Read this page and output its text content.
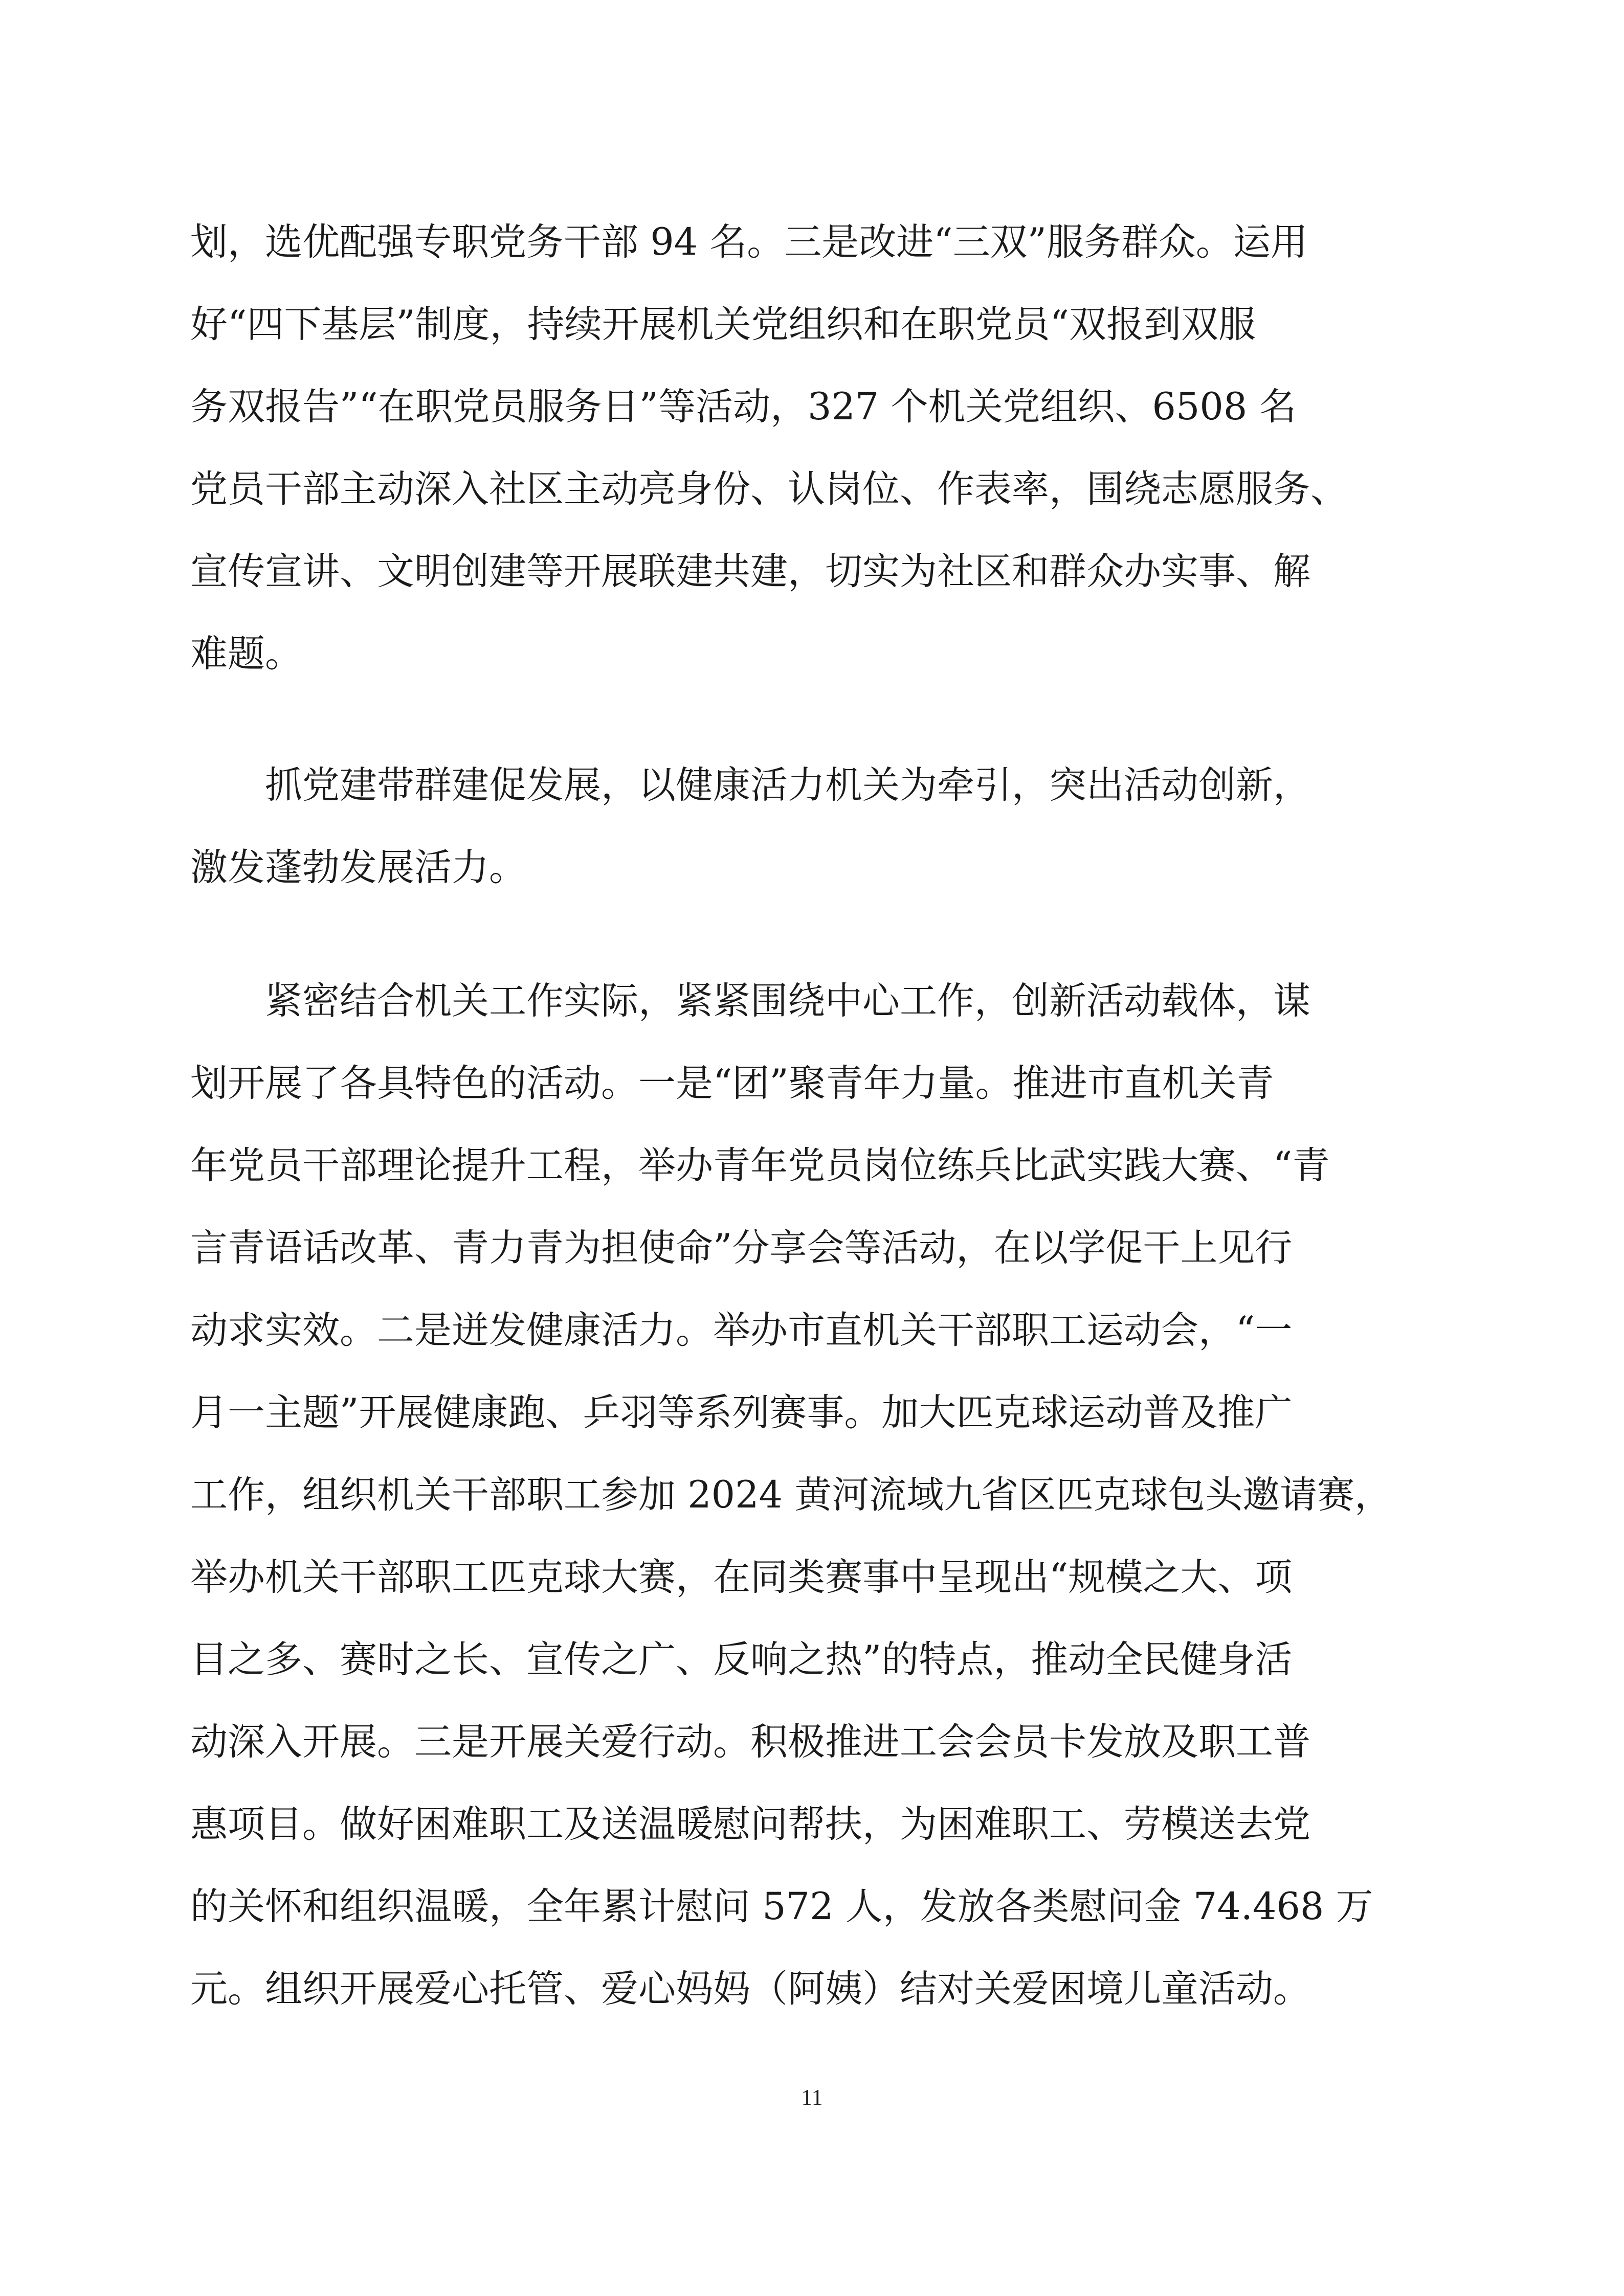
划，选优配强专职党务干部 94 名。三是改进“三双”服务群众。运用
好“四下基层”制度，持续开展机关党组织和在职党员“双报到双服
务双报告”“在职党员服务日”等活动，327 个机关党组织、6508 名
党员干部主动深入社区主动亮身份、认岗位、作表率，围绕志愿服务、
宣传宣讲、文明创建等开展联建共建，切实为社区和群众办实事、解
难题。
　　抓党建带群建促发展，以健康活力机关为牵引，突出活动创新，
激发蓬勃发展活力。
　　紧密结合机关工作实际，紧紧围绕中心工作，创新活动载体，谋
划开展了各具特色的活动。一是“团”聚青年力量。推进市直机关青
年党员干部理论提升工程，举办青年党员岗位练兵比武实践大赛、“青
言青语话改革、青力青为担使命”分享会等活动，在以学促干上见行
动求实效。二是迸发健康活力。举办市直机关干部职工运动会，“一
月一主题”开展健康跑、乒羽等系列赛事。加大匹克球运动普及推广
工作，组织机关干部职工参加 2024 黄河流域九省区匹克球包头邀请赛，
举办机关干部职工匹克球大赛，在同类赛事中呈现出“规模之大、项
目之多、赛时之长、宣传之广、反响之热”的特点，推动全民健身活
动深入开展。三是开展关爱行动。积极推进工会会员卡发放及职工普
惠项目。做好困难职工及送温暖慰问帮扶，为困难职工、劳模送去党
的关怀和组织温暖，全年累计慰问 572 人，发放各类慰问金 74.468 万
元。组织开展爱心托管、爱心妈妈（阿姨）结对关爱困境儿童活动。
11
